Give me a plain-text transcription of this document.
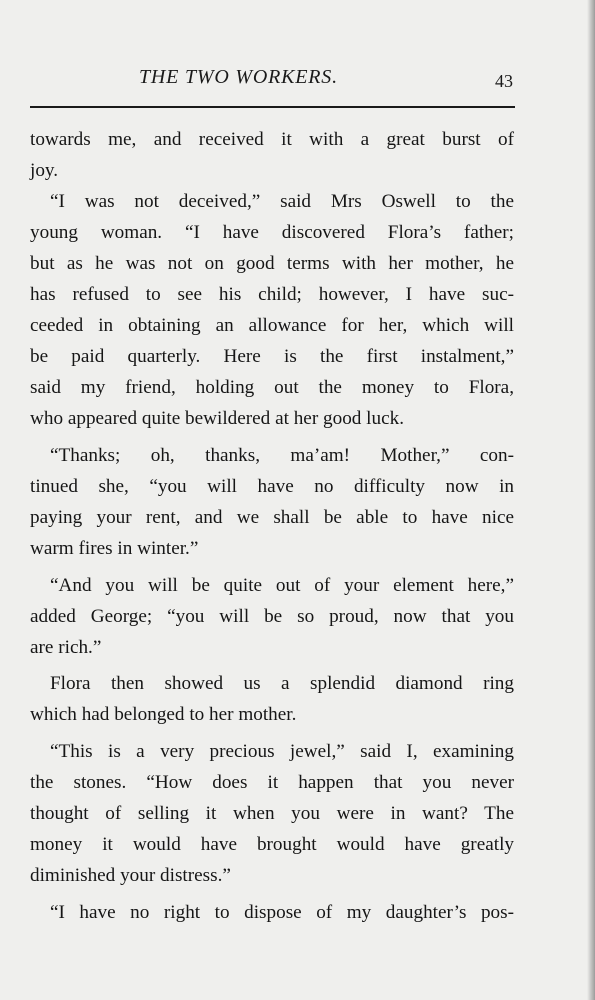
THE TWO WORKERS.	43
towards me, and received it with a great burst of
joy.
“I was not deceived,” said Mrs Oswell to the
young woman. “I have discovered Flora’s father;
but as he was not on good terms with her mother, he
has refused to see his child; however, I have suc-
ceeded in obtaining an allowance for her, which will
be paid quarterly. Here is the first instalment,”
said my friend, holding out the money to Flora,
who appeared quite bewildered at her good luck.
“Thanks; oh, thanks, ma’am! Mother,” con-
tinued she, “you will have no difficulty now in
paying your rent, and we shall be able to have nice
warm fires in winter.”
“And you will be quite out of your element here,”
added George; “you will be so proud, now that you
are rich.”
Flora then showed us a splendid diamond ring
which had belonged to her mother.
“This is a very precious jewel,” said I, examining
the stones. “How does it happen that you never
thought of selling it when you were in want? The
money it would have brought would have greatly
diminished your distress.”
“I have no right to dispose of my daughter’s pos-
